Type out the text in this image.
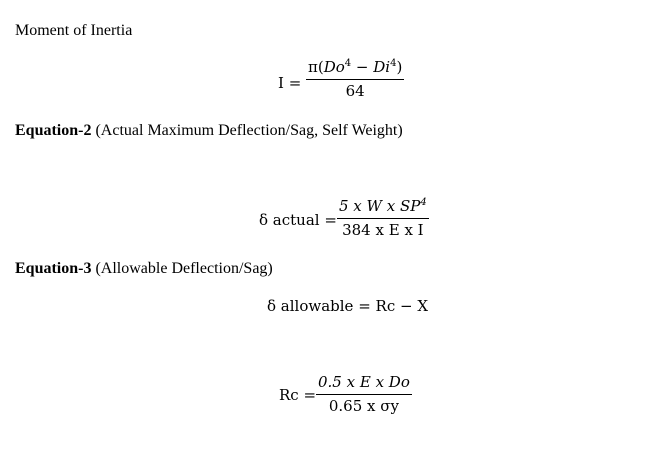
Moment of Inertia
I =
$\pi(Do^4 - Di^4)$
64
Equation-2 (Actual Maximum Deflection/Sag, Self Weight)
δ actual =
5 x W x $SP^4$
384 x E x I
Equation-3 (Allowable Deflection/Sag)
δ allowable = Rc − X
Rc =
0.5 x E x Do
0.65 x σy
